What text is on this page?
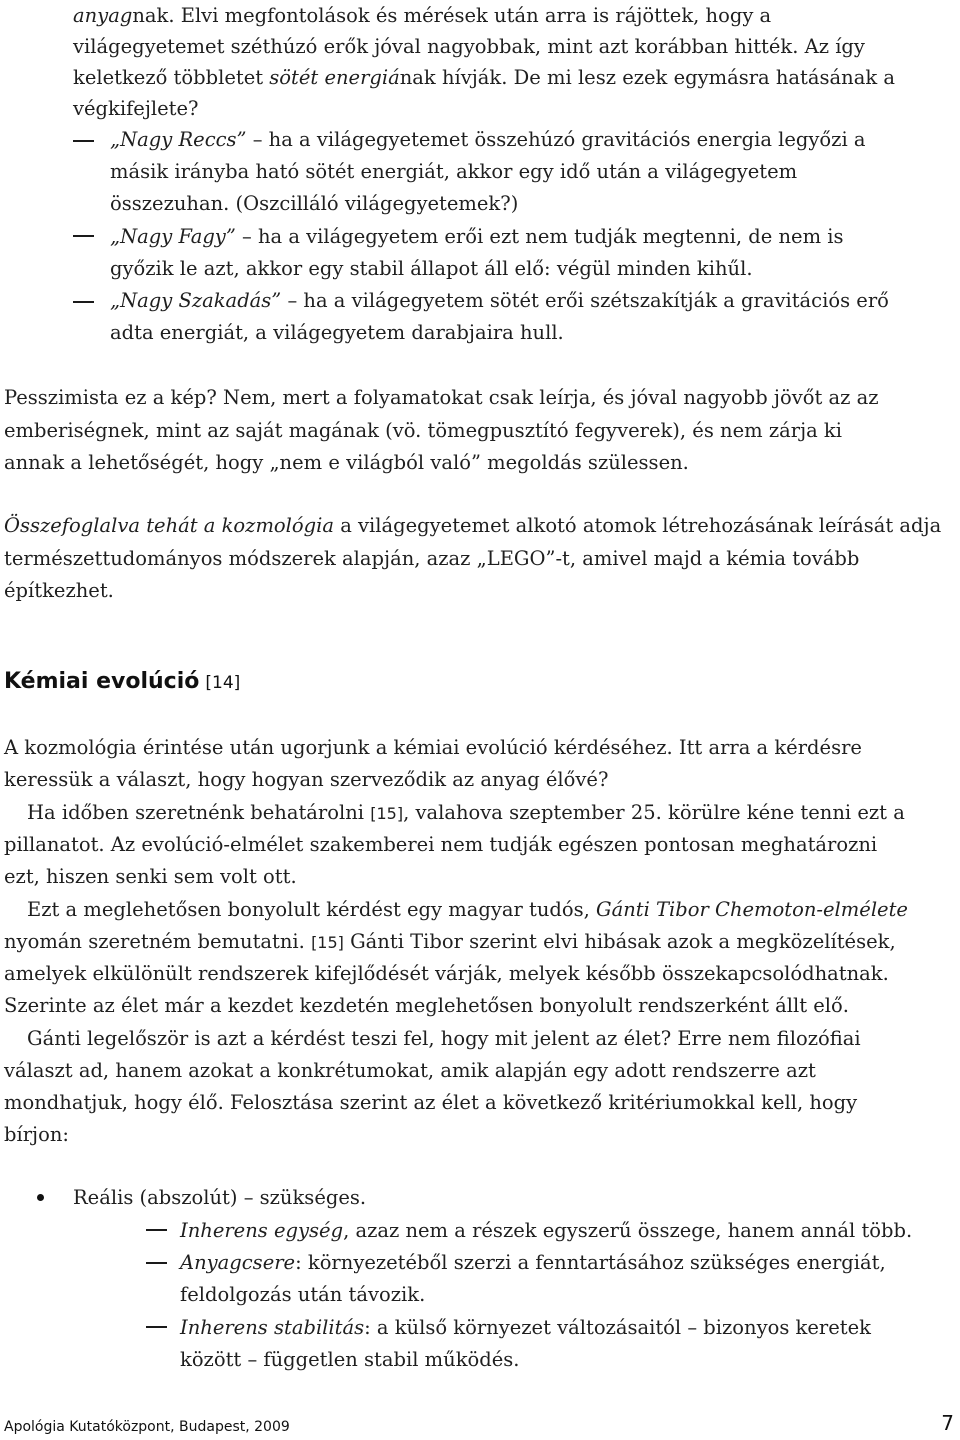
anyagnak. Elvi megfontolások és mérések után arra is rájöttek, hogy a
világegyetemet széthúzó erők jóval nagyobbak, mint azt korábban hitték. Az így
keletkező többletet sötét energiának hívják. De mi lesz ezek egymásra hatásának a
végkifejlete?
„Nagy Reccs” – ha a világegyetemet összehúzó gravitációs energia legyőzi a
másik irányba ható sötét energiát, akkor egy idő után a világegyetem
összezuhan. (Oszcilláló világegyetemek?)
„Nagy Fagy” – ha a világegyetem erői ezt nem tudják megtenni, de nem is
győzik le azt, akkor egy stabil állapot áll elő: végül minden kihűl.
„Nagy Szakadás” – ha a világegyetem sötét erői szétszakítják a gravitációs erő
adta energiát, a világegyetem darabjaira hull.
Pesszimista ez a kép? Nem, mert a folyamatokat csak leírja, és jóval nagyobb jövőt az az
emberiségnek, mint az saját magának (vö. tömegpusztító fegyverek), és nem zárja ki
annak a lehetőségét, hogy „nem e világból való” megoldás szülessen.
Összefoglalva tehát a kozmológia a világegyetemet alkotó atomok létrehozásának leírását adja
természettudományos módszerek alapján, azaz „LEGO”-t, amivel majd a kémia tovább
építkezhet.
Kémiai evolúció [14]
A kozmológia érintése után ugorjunk a kémiai evolúció kérdéséhez. Itt arra a kérdésre
keressük a választ, hogy hogyan szerveződik az anyag élővé?
Ha időben szeretnénk behatárolni [15], valahova szeptember 25. körülre kéne tenni ezt a
pillanatot. Az evolúció-elmélet szakemberei nem tudják egészen pontosan meghatározni
ezt, hiszen senki sem volt ott.
Ezt a meglehetősen bonyolult kérdést egy magyar tudós, Gánti Tibor Chemoton-elmélete
nyomán szeretném bemutatni. [15] Gánti Tibor szerint elvi hibásak azok a megközelítések,
amelyek elkülönült rendszerek kifejlődését várják, melyek később összekapcsolódhatnak.
Szerinte az élet már a kezdet kezdetén meglehetősen bonyolult rendszerként állt elő.
Gánti legelőször is azt a kérdést teszi fel, hogy mit jelent az élet? Erre nem filozófiai
választ ad, hanem azokat a konkrétumokat, amik alapján egy adott rendszerre azt
mondhatjuk, hogy élő. Felosztása szerint az élet a következő kritériumokkal kell, hogy
bírjon:
Reális (abszolút) – szükséges.
Inherens egység, azaz nem a részek egyszerű összege, hanem annál több.
Anyagcsere: környezetéből szerzi a fenntartásához szükséges energiát,
feldolgozás után távozik.
Inherens stabilitás: a külső környezet változásaitól – bizonyos keretek
között – független stabil működés.
Apológia Kutatóközpont, Budapest, 2009	7
